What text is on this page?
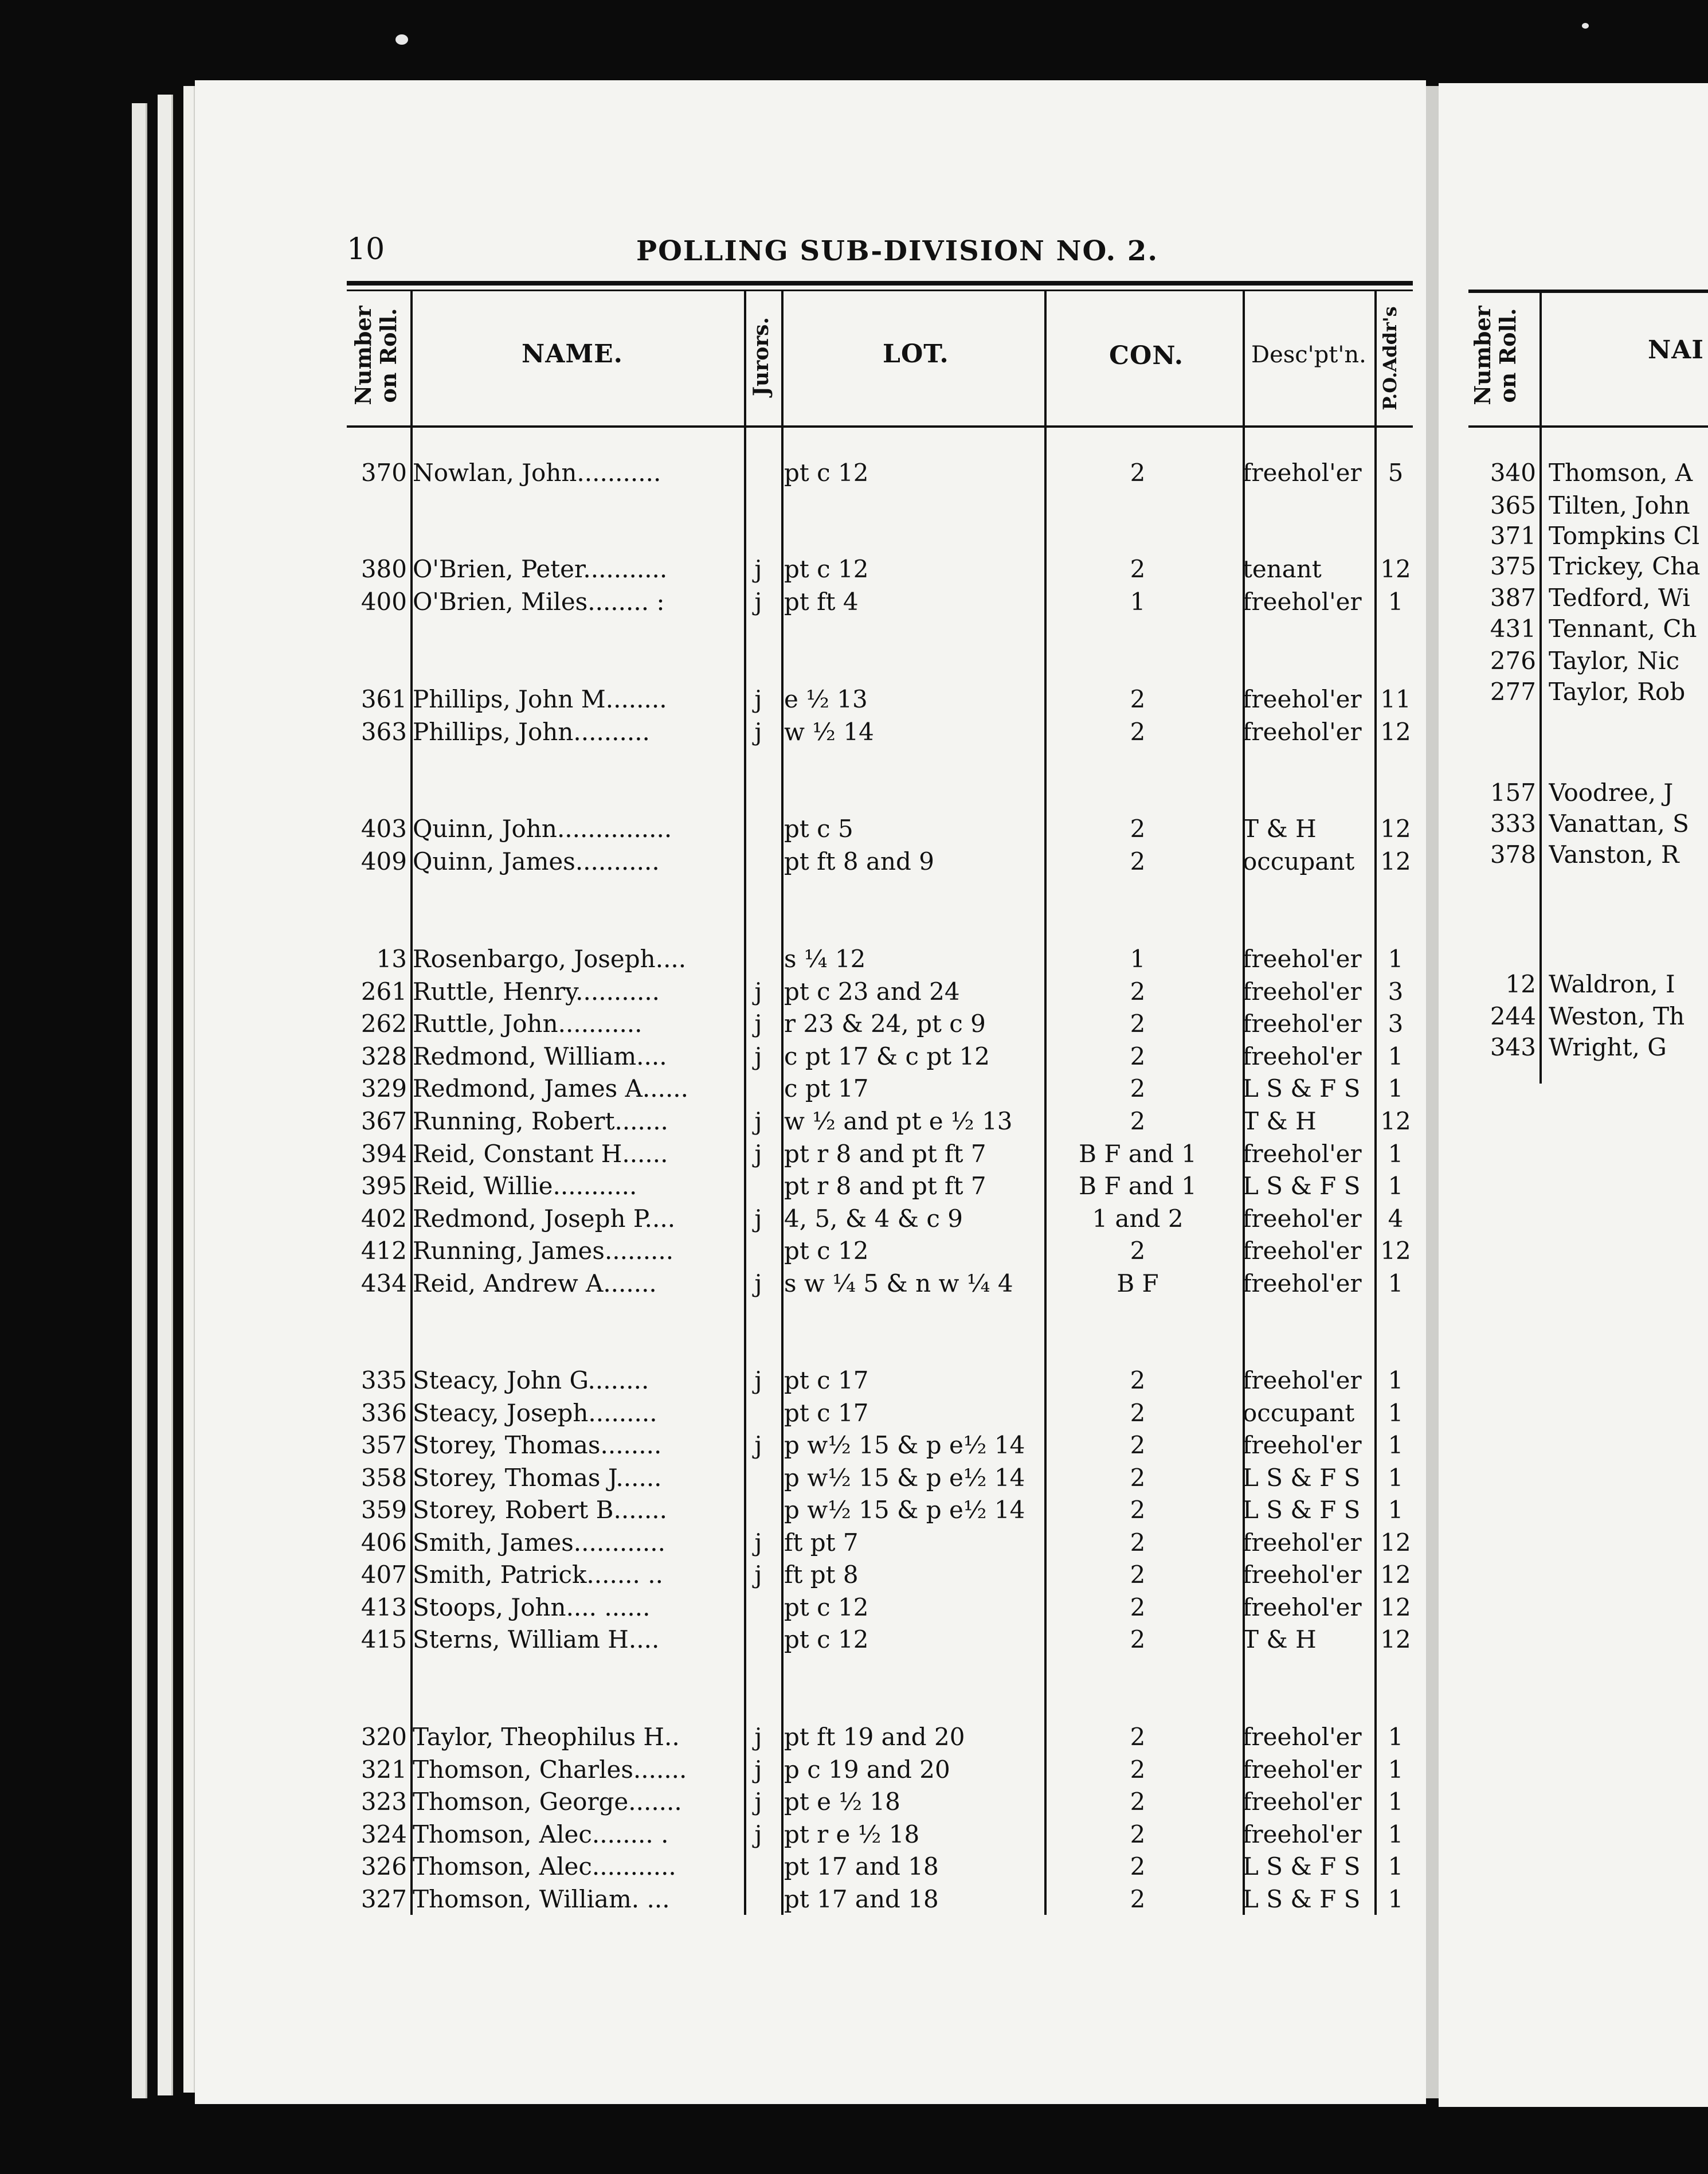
10	POLLING SUB-DIVISION NO. 2.
Number on Roll.	NAME.	Jurors.	LOT.	CON.	Desc'pt'n. P.O.Addr's
370 Nowlan, John...........	pt c 12	2	freehol'er	5
380 O'Brien, Peter...........	j pt c 12	2	tenant	12
400 O'Brien, Miles........ :	j pt ft 4	1	freehol'er	1
361 Phillips, John M........	j e ½ 13	2	freehol'er 11
363 Phillips, John..........	j w ½ 14	2	freehol'er 12
403 Quinn, John...............	pt c 5	2	T & H	12
409 Quinn, James...........	pt ft 8 and 9	2	occupant	12
13 Rosenbargo, Joseph....	s ¼ 12	1	freehol'er	1
261 Ruttle, Henry...........	j pt c 23 and 24	2	freehol'er	3
262 Ruttle, John...........	j r 23 & 24, pt c 9	2	freehol'er	3
328 Redmond, William....	j c pt 17 & c pt 12	2	freehol'er	1
329 Redmond, James A......	c pt 17	2	L S & F S	1
367 Running, Robert.......	j w ½ and pt e ½ 13	2	T & H	12
394 Reid, Constant H......	j pt r 8 and pt ft 7	B F and 1	freehol'er	1
395 Reid, Willie...........	pt r 8 and pt ft 7	B F and 1	L S & F S	1
402 Redmond, Joseph P....	j 4, 5, & 4 & c 9	1 and 2	freehol'er	4
412 Running, James.........	pt c 12	2	freehol'er 12
434 Reid, Andrew A.......	j s w ¼ 5 & n w ¼ 4	B F	freehol'er	1
335 Steacy, John G........	j pt c 17	2	freehol'er	1
336 Steacy, Joseph.........	pt c 17	2	occupant	1
357 Storey, Thomas........	j p w½ 15 & p e½ 14	2	freehol'er	1
358 Storey, Thomas J......	p w½ 15 & p e½ 14	2	L S & F S	1
359 Storey, Robert B.......	p w½ 15 & p e½ 14	2	L S & F S	1
406 Smith, James............	j ft pt 7	2	freehol'er 12
407 Smith, Patrick....... ..	j ft pt 8	2	freehol'er 12
413 Stoops, John.... ......	pt c 12	2	freehol'er 12
415 Sterns, William H....	pt c 12	2	T & H	12
320 Taylor, Theophilus H..	j pt ft 19 and 20	2	freehol'er	1
321 Thomson, Charles.......	j p c 19 and 20	2	freehol'er	1
323 Thomson, George.......	j pt e ½ 18	2	freehol'er	1
324 Thomson, Alec........ .	j pt r e ½ 18	2	freehol'er	1
326 Thomson, Alec...........	pt 17 and 18	2	L S & F S	1
327 Thomson, William. ...	pt 17 and 18	2	L S & F S	1
Number on Roll.	NAI
340 Thomson, A
365 Tilten, John
371 Tompkins Cl
375 Trickey, Cha
387 Tedford, Wi
431 Tennant, Ch
276 Taylor, Nic
277 Taylor, Rob
157 Voodree, J
333 Vanattan, S
378 Vanston, R
12 Waldron, I
244 Weston, Th
343 Wright, G
